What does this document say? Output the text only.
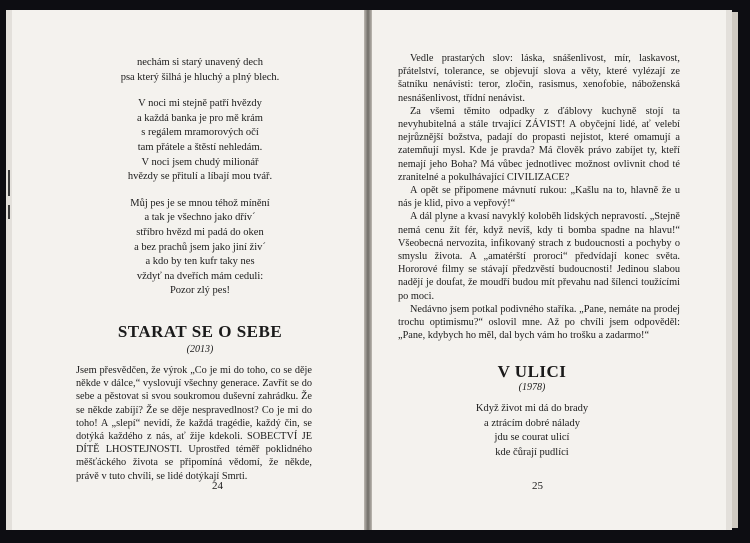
nechám si starý unavený dech
psa který šilhá je hluchý a plný blech.
V noci mi stejně patří hvězdy
a každá banka je pro mě krám
s regálem mramorových očí
tam přátele a štěstí nehledám.
V noci jsem chudý milionář
hvězdy se přitulí a líbají mou tvář.
Můj pes je se mnou téhož mínění
a tak je všechno jako dřív´
stříbro hvězd mi padá do oken
a bez prachů jsem jako jiní živ´
a kdo by ten kufr taky nes
vždyť na dveřích mám ceduli:
Pozor zlý pes!
STARAT SE O SEBE
(2013)

Jsem přesvědčen, že výrok „Co je mi do toho, co se děje někde v dálce,“ vyslovují všechny generace. Zavřít se do sebe a pěstovat si svou soukromou duševní zahrádku. Že se někde zabíjí? Že se děje nespravedlnost? Co je mi do toho! A „slepí“ nevidí, že každá tragédie, každý čin, se dotýká každého z nás, ať žije kdekoli. SOBECTVÍ JE DÍTĚ LHOSTEJNOSTI. Uprostřed téměř poklidného měšťáckého života se připomíná vědomí, že někde, právě v tuto chvíli, se lidé dotýkají Smrti.

24

Vedle prastarých slov: láska, snášenlivost, mír, laskavost, přátelství, tolerance, se objevují slova a věty, které vylézají ze šatníku nenávisti: teror, zločin, rasismus, xenofobie, náboženská nesnášenlivost, třídní nenávist.

Za všemi těmito odpadky z ďáblovy kuchyně stojí ta nevyhubitelná a stále trvající ZÁVIST! A obyčejní lidé, ať velebí nejrůznější božstva, padají do propasti nejistot, které omamují a zatemňují mysl. Kde je pravda? Má člověk právo zabíjet ty, kteří nemají jeho Boha? Má vůbec jednotlivec možnost ovlivnit chod té zranitelné a pokulhávající CIVILIZACE?

A opět se připomene mávnutí rukou: „Kašlu na to, hlavně že u nás je klid, pivo a vepřový!“

A dál plyne a kvasí navyklý koloběh lidských nepravostí. „Stejně nemá cenu žít fér, když nevíš, kdy ti bomba spadne na hlavu!“ Všeobecná nervozita, infikovaný strach z budoucnosti a pochyby o smyslu života. A „amatérští proroci“ předvídají konec světa. Hororové filmy se stávají předzvěstí budoucnosti! Jedinou slabou nadějí je doufat, že moudří budou mít převahu nad šílenci toužícími po moci.

Nedávno jsem potkal podivného staříka. „Pane, nemáte na prodej trochu optimismu?“ oslovil mne. Až po chvíli jsem odpověděl: „Pane, kdybych ho měl, dal bych vám ho trošku a zadarmo!“

V ULICI
(1978)
Když život mi dá do brady
a ztrácím dobré nálady
jdu se courat ulicí
kde čůrají pudlíci
25
